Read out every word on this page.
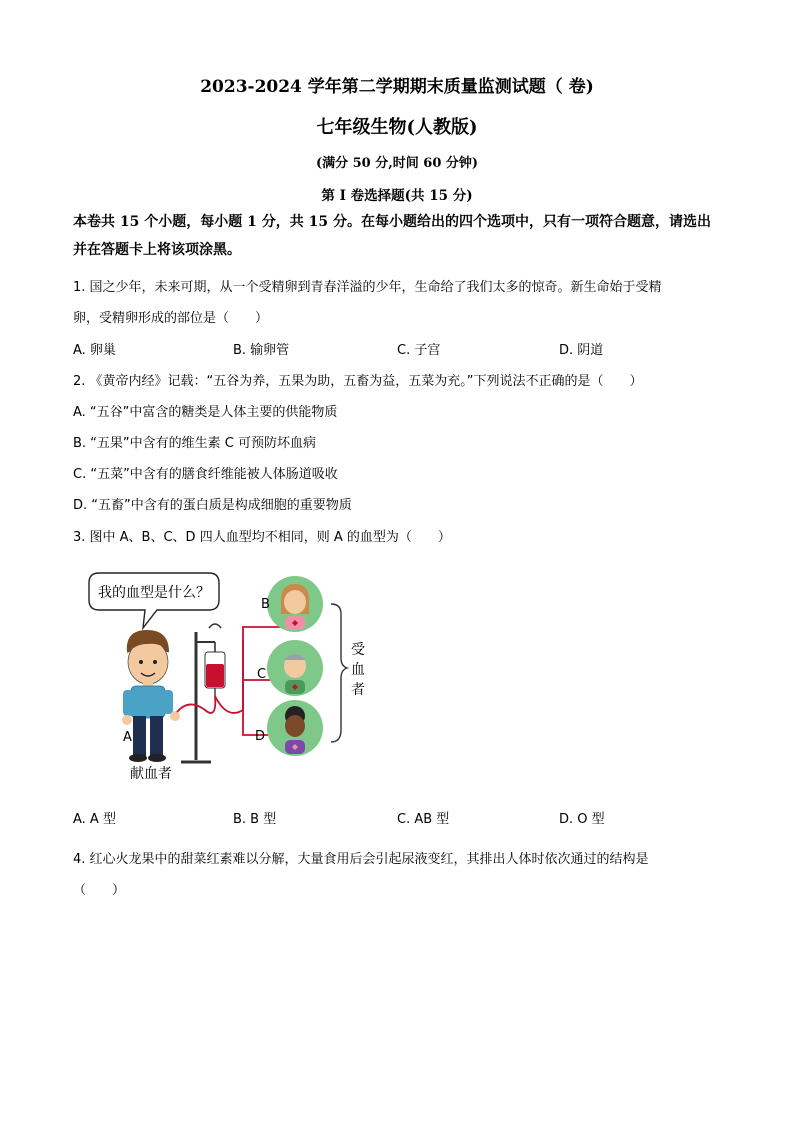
2023-2024 学年第二学期期末质量监测试题（ 卷)
七年级生物(人教版)
(满分 50 分,时间 60 分钟)
第 I 卷选择题(共 15 分)
本卷共 15 个小题，每小题 1 分，共 15 分。在每小题给出的四个选项中，只有一项符合题意，请选出并在答题卡上将该项涂黑。
1. 国之少年，未来可期，从一个受精卵到青春洋溢的少年，生命给了我们太多的惊奇。新生命始于受精
卵，受精卵形成的部位是（　　）
A. 卵巢	B. 输卵管	C. 子宫	D. 阴道
2. 《黄帝内经》记载：“五谷为养，五果为助，五畜为益，五菜为充。”下列说法不正确的是（　　）
A. “五谷”中富含的糖类是人体主要的供能物质
B. “五果”中含有的维生素 C 可预防坏血病
C. “五菜”中含有的膳食纤维能被人体肠道吸收
D. “五畜”中含有的蛋白质是构成细胞的重要物质
3. 图中 A、B、C、D 四人血型均不相同，则 A 的血型为（　　）
我的血型是什么？
A
献血者
B
C
D
受血者
A. A 型	B. B 型	C. AB 型	D. O 型
4. 红心火龙果中的甜菜红素难以分解，大量食用后会引起尿液变红，其排出人体时依次通过的结构是
（　　）
